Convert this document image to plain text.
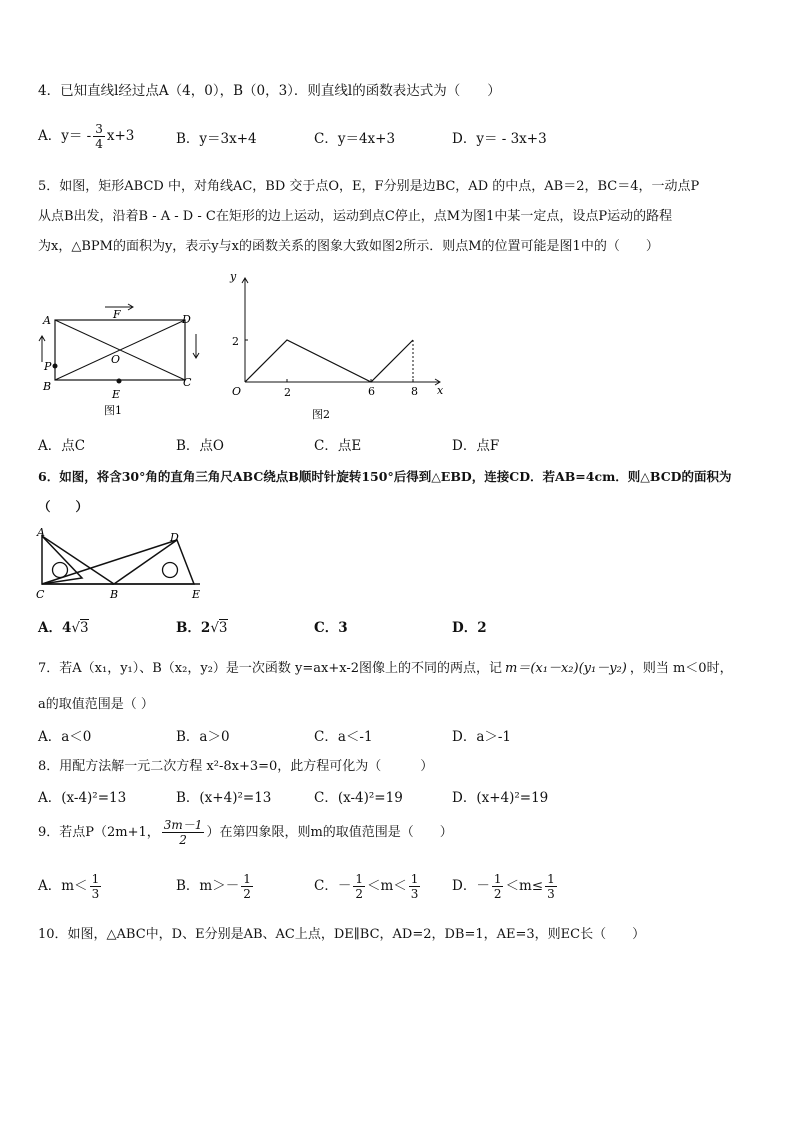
4．已知直线l经过点A（4，0），B（0，3）．则直线l的函数表达式为（　　）
A．$y= - \frac{3}{4} x+3$	B．y＝3x+4	C．y＝4x+3	D．y＝ - 3x+3
5．如图，矩形ABCD 中，对角线AC，BD 交于点O，E，F分别是边BC，AD 的中点，AB＝2，BC＝4，一动点P
从点B出发，沿着B - A - D - C在矩形的边上运动，运动到点C停止，点M为图1中某一定点，设点P运动的路程
为x，△BPM的面积为y，表示y与x的函数关系的图象大致如图2所示．则点M的位置可能是图1中的（　　）
A	D
B	C
F
O
P
E
图1
y
x
O
2
2	6	8
图2
A．点C	B．点O	C．点E	D．点F
6．如图，将含30°角的直角三角尺ABC绕点B顺时针旋转150°后得到△EBD，连接CD．若AB=4cm．则△BCD的面积为
（　　）
A
C	B
D
E
A．4√3	B．2√3	C．3	D．2
7．若A（x₁，y₁）、B（x₂，y₂）是一次函数 y=ax+x-2图像上的不同的两点，记 m＝(x₁－x₂)(y₁－y₂) ，则当 m＜0时，
a的取值范围是（ ）
A．a＜0	B．a＞0	C．a＜-1	D．a＞-1
8．用配方法解一元二次方程 x²-8x+3=0，此方程可化为（　　　）
A．(x-4)²=13	B．(x+4)²=13	C．(x-4)²=19	D．(x+4)²=19
9．若点P（2m+1， $\frac{3m-1}{2}$ ）在第四象限，则m的取值范围是（　　）
A．$m< \frac{1}{3}$	B．$m>- \frac{1}{2}$	C．－ $\frac{1}{2} <m< \frac{1}{3}$ D．－ $\frac{1}{2} <m\le \frac{1}{3}$
10．如图，△ABC中，D、E分别是AB、AC上点，DE∥BC，AD=2，DB=1，AE=3，则EC长（　　）
